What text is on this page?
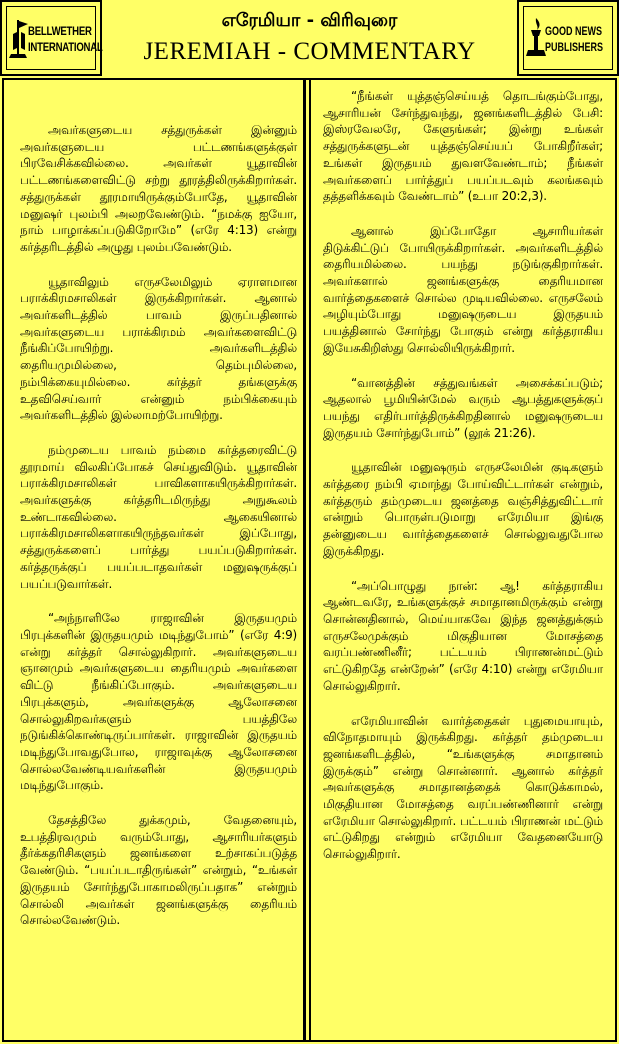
BELLWETHER
INTERNATIONAL
எரேமியா - விரிவுரை
JEREMIAH - COMMENTARY
GOOD NEWS
PUBLISHERS

அவர்களுடைய சத்துருக்கள் இன்னும் அவர்களுடைய பட்டணங்களுக்குள் பிரவேசிக்கவில்லை. அவர்கள் யூதாவின் பட்டணங்களைவிட்டு சற்று தூரத்திலிருக்கிறார்கள். சத்துருக்கள் தூரமாயிருக்கும்போதே, யூதாவின் மனுஷர் புலம்பி அலறவேண்டும். “நமக்கு ஐயோ, நாம் பாழாக்கப்படுகிறோமே” (எரே 4:13) என்று கர்த்தரிடத்தில் அழுது புலம்பவேண்டும்.

யூதாவிலும் எருசலேமிலும் ஏராளமான பராக்கிரமசாலிகள் இருக்கிறார்கள். ஆனால் அவர்களிடத்தில் பாவம் இருப்பதினால் அவர்களுடைய பராக்கிரமம் அவர்களைவிட்டு நீங்கிப்போயிற்று. அவர்களிடத்தில் தைரியமுமில்லை, தெம்புமில்லை, நம்பிக்கையுமில்லை. கர்த்தர் தங்களுக்கு உதவிசெய்வார் என்னும் நம்பிக்கையும் அவர்களிடத்தில் இல்லாமற்போயிற்று.

நம்முடைய பாவம் நம்மை கர்த்தரைவிட்டு தூரமாய் விலகிப்போகச் செய்துவிடும். யூதாவின் பராக்கிரமசாலிகள் பாவிகளாகயிருக்கிறார்கள். அவர்களுக்கு கர்த்தரிடமிருந்து அநுகூலம் உண்டாகவில்லை. ஆகையினால் பராக்கிரமசாலிகளாகயிருந்தவர்கள் இப்போது, சத்துருக்களைப் பார்த்து பயப்படுகிறார்கள். கர்த்தருக்குப் பயப்படாதவர்கள் மனுஷருக்குப் பயப்படுவார்கள்.

“அந்நாளிலே ராஜாவின் இருதயமும் பிரபுக்களின் இருதயமும் மடிந்துபோம்” (எரே 4:9) என்று கர்த்தர் சொல்லுகிறார். அவர்களுடைய ஞானமும் அவர்களுடைய தைரியமும் அவர்களை விட்டு நீங்கிப்போகும். அவர்களுடைய பிரபுக்களும், அவர்களுக்கு ஆலோசனை சொல்லுகிறவர்களும் பயத்திலே நடுங்கிக்கொண்டிருப்பார்கள். ராஜாவின் இருதயம் மடிந்துபோவதுபோல, ராஜாவுக்கு ஆலோசனை சொல்லவேண்டியவர்களின் இருதயமும் மடிந்துபோகும்.

தேசத்திலே துக்கமும், வேதனையும், உபத்திரவமும் வரும்போது, ஆசாரியர்களும் தீர்க்கதரிசிகளும் ஜனங்களை உற்சாகப்படுத்த வேண்டும். “பயப்படாதிருங்கள்” என்றும், “உங்கள் இருதயம் சோர்ந்துபோகாமலிருப்பதாக” என்றும் சொல்லி அவர்கள் ஜனங்களுக்கு தைரியம் சொல்லவேண்டும்.

“நீங்கள் யுத்தஞ்செய்யத் தொடங்கும்போது, ஆசாரியன் சேர்ந்துவந்து, ஜனங்களிடத்தில் பேசி: இஸ்ரவேலரே, கேளுங்கள்; இன்று உங்கள் சத்துருக்களுடன் யுத்தஞ்செய்யப் போகிறீர்கள்; உங்கள் இருதயம் துவளவேண்டாம்; நீங்கள் அவர்களைப் பார்த்துப் பயப்படவும் கலங்கவும் தத்தளிக்கவும் வேண்டாம்” (உபா 20:2,3).

ஆனால் இப்போதோ ஆசாரியர்கள் திடுக்கிட்டுப் போயிருக்கிறார்கள். அவர்களிடத்தில் தைரியமில்லை. பயந்து நடுங்குகிறார்கள். அவர்களால் ஜனங்களுக்கு தைரியமான வார்த்தைகளைச் சொல்ல முடியவில்லை. எருசலேம் அழியும்போது மனுஷருடைய இருதயம் பயத்தினால் சோர்ந்து போகும் என்று கர்த்தராகிய இயேசுகிறிஸ்து சொல்லியிருக்கிறார்.

“வானத்தின் சத்துவங்கள் அசைக்கப்படும்; ஆதலால் பூமியின்மேல் வரும் ஆபத்துகளுக்குப் பயந்து எதிர்பார்த்திருக்கிறதினால் மனுஷருடைய இருதயம் சோர்ந்துபோம்” (லூக் 21:26).

யூதாவின் மனுஷரும் எருசலேமின் குடிகளும் கர்த்தரை நம்பி ஏமாந்து போய்விட்டார்கள் என்றும், கர்த்தரும் தம்முடைய ஜனத்தை வஞ்சித்துவிட்டார் என்றும் பொருள்படுமாறு எரேமியா இங்கு தன்னுடைய வார்த்தைகளைச் சொல்லுவதுபோல இருக்கிறது.

“அப்பொழுது நான்: ஆ! கர்த்தராகிய ஆண்டவரே, உங்களுக்குச் சமாதானமிருக்கும் என்று சொன்னதினால், மெய்யாகவே இந்த ஜனத்துக்கும் எருசலேமுக்கும் மிகுதியான மோசத்தை வரப்பண்ணினீர்; பட்டயம் பிராணன்மட்டும் எட்டுகிறதே என்றேன்” (எரே 4:10) என்று எரேமியா சொல்லுகிறார்.

எரேமியாவின் வார்த்தைகள் புதுமையாயும், விநோதமாயும் இருக்கிறது. கர்த்தர் தம்முடைய ஜனங்களிடத்தில், “உங்களுக்கு சமாதானம் இருக்கும்” என்று சொன்னார். ஆனால் கர்த்தர் அவர்களுக்கு சமாதானத்தைக் கொடுக்காமல், மிகுதியான மோசத்தை வரப்பண்ணினார் என்று எரேமியா சொல்லுகிறார். பட்டயம் பிராணன் மட்டும் எட்டுகிறது என்றும் எரேமியா வேதனையோடு சொல்லுகிறார்.
